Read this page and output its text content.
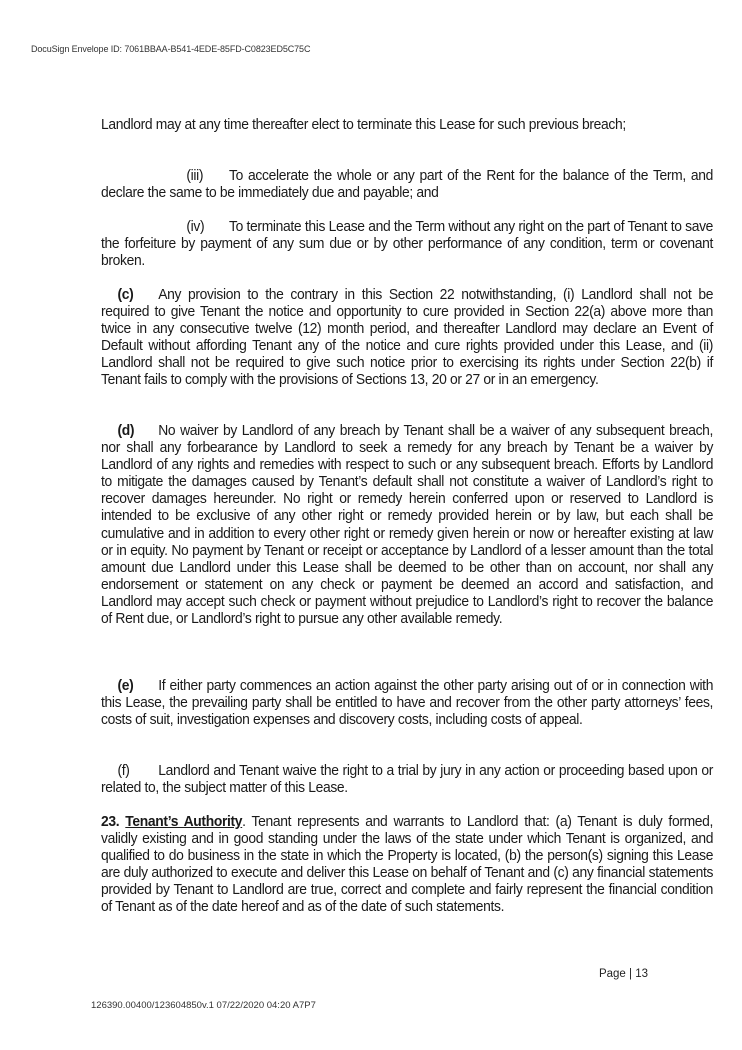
DocuSign Envelope ID: 7061BBAA-B541-4EDE-85FD-C0823ED5C75C

Landlord may at any time thereafter elect to terminate this Lease for such previous breach;

(iii) To accelerate the whole or any part of the Rent for the balance of the Term, and declare the same to be immediately due and payable; and

(iv) To terminate this Lease and the Term without any right on the part of Tenant to save the forfeiture by payment of any sum due or by other performance of any condition, term or covenant broken.

(c) Any provision to the contrary in this Section 22 notwithstanding, (i) Landlord shall not be required to give Tenant the notice and opportunity to cure provided in Section 22(a) above more than twice in any consecutive twelve (12) month period, and thereafter Landlord may declare an Event of Default without affording Tenant any of the notice and cure rights provided under this Lease, and (ii) Landlord shall not be required to give such notice prior to exercising its rights under Section 22(b) if Tenant fails to comply with the provisions of Sections 13, 20 or 27 or in an emergency.

(d) No waiver by Landlord of any breach by Tenant shall be a waiver of any subsequent breach, nor shall any forbearance by Landlord to seek a remedy for any breach by Tenant be a waiver by Landlord of any rights and remedies with respect to such or any subsequent breach. Efforts by Landlord to mitigate the damages caused by Tenant’s default shall not constitute a waiver of Landlord’s right to recover damages hereunder. No right or remedy herein conferred upon or reserved to Landlord is intended to be exclusive of any other right or remedy provided herein or by law, but each shall be cumulative and in addition to every other right or remedy given herein or now or hereafter existing at law or in equity. No payment by Tenant or receipt or acceptance by Landlord of a lesser amount than the total amount due Landlord under this Lease shall be deemed to be other than on account, nor shall any endorsement or statement on any check or payment be deemed an accord and satisfaction, and Landlord may accept such check or payment without prejudice to Landlord’s right to recover the balance of Rent due, or Landlord’s right to pursue any other available remedy.

(e) If either party commences an action against the other party arising out of or in connection with this Lease, the prevailing party shall be entitled to have and recover from the other party attorneys’ fees, costs of suit, investigation expenses and discovery costs, including costs of appeal.

(f) Landlord and Tenant waive the right to a trial by jury in any action or proceeding based upon or related to, the subject matter of this Lease.

23. Tenant’s Authority. Tenant represents and warrants to Landlord that: (a) Tenant is duly formed, validly existing and in good standing under the laws of the state under which Tenant is organized, and qualified to do business in the state in which the Property is located, (b) the person(s) signing this Lease are duly authorized to execute and deliver this Lease on behalf of Tenant and (c) any financial statements provided by Tenant to Landlord are true, correct and complete and fairly represent the financial condition of Tenant as of the date hereof and as of the date of such statements.

Page | 13
126390.00400/123604850v.1 07/22/2020 04:20 A7P7
